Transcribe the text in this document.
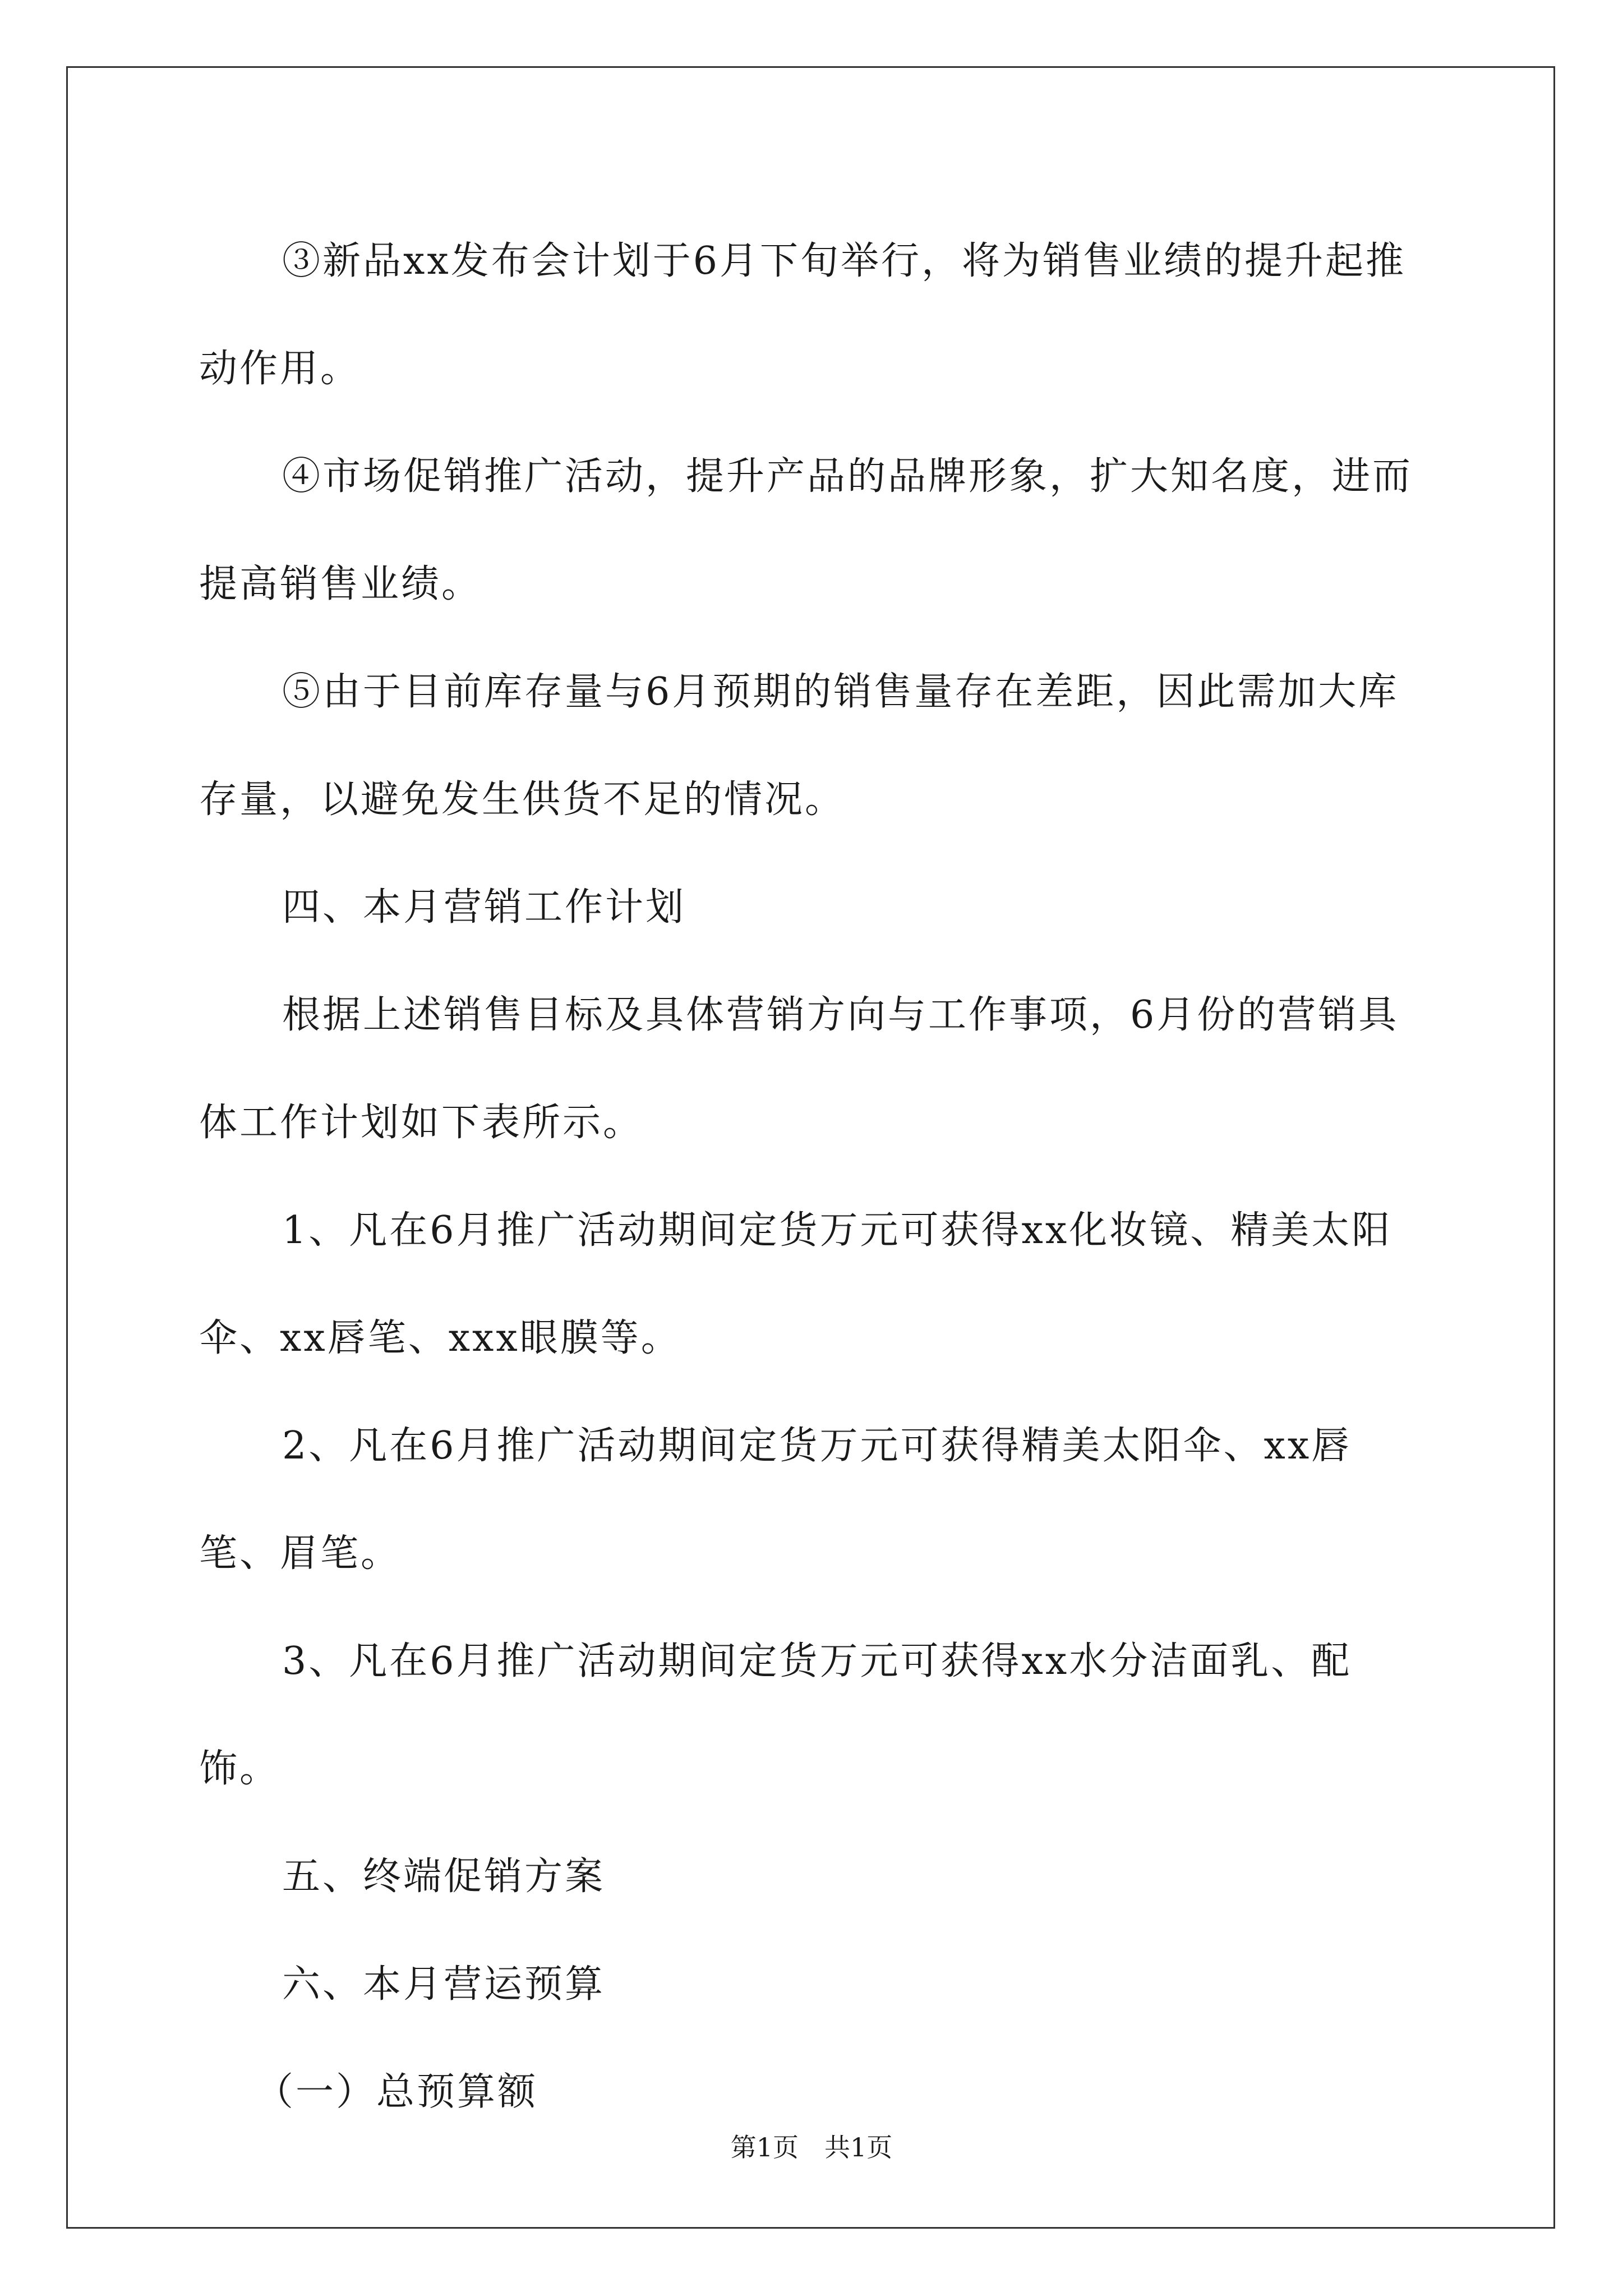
③新品xx发布会计划于6月下旬举行，将为销售业绩的提升起推动作用。

④市场促销推广活动，提升产品的品牌形象，扩大知名度，进而提高销售业绩。

⑤由于目前库存量与6月预期的销售量存在差距，因此需加大库存量，以避免发生供货不足的情况。

四、本月营销工作计划

根据上述销售目标及具体营销方向与工作事项，6月份的营销具体工作计划如下表所示。

1、凡在6月推广活动期间定货万元可获得xx化妆镜、精美太阳伞、xx唇笔、xxx眼膜等。

2、凡在6月推广活动期间定货万元可获得精美太阳伞、xx唇笔、眉笔。

3、凡在6月推广活动期间定货万元可获得xx水分洁面乳、配饰。

五、终端促销方案

六、本月营运预算

（一）总预算额

第1页　共1页
